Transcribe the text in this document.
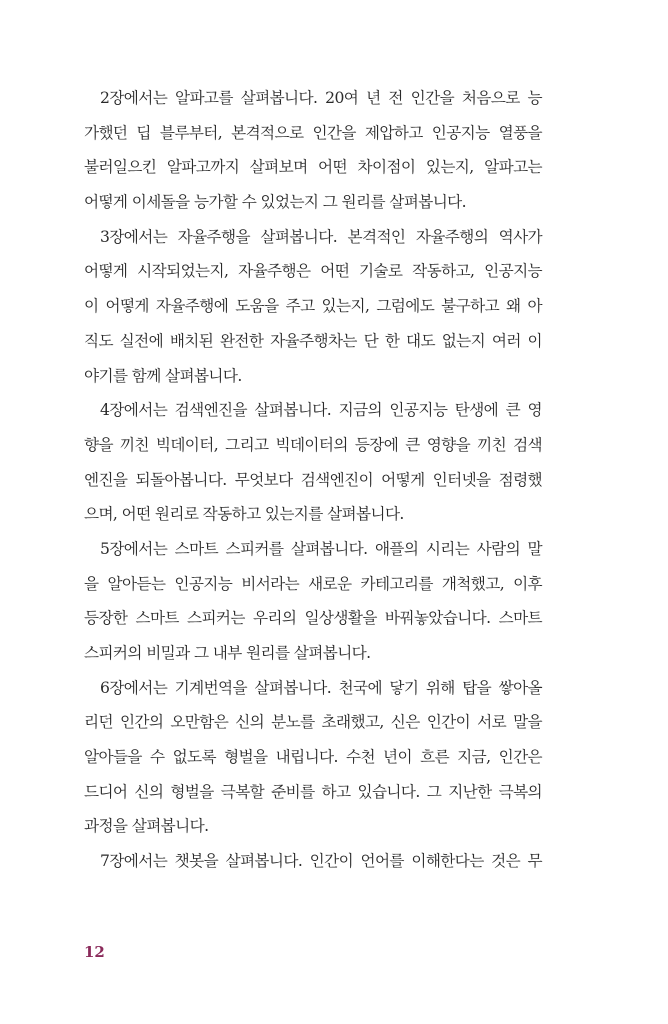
2장에서는 알파고를 살펴봅니다. 20여 년 전 인간을 처음으로 능
가했던 딥 블루부터, 본격적으로 인간을 제압하고 인공지능 열풍을
불러일으킨 알파고까지 살펴보며 어떤 차이점이 있는지, 알파고는
어떻게 이세돌을 능가할 수 있었는지 그 원리를 살펴봅니다.
3장에서는 자율주행을 살펴봅니다. 본격적인 자율주행의 역사가
어떻게 시작되었는지, 자율주행은 어떤 기술로 작동하고, 인공지능
이 어떻게 자율주행에 도움을 주고 있는지, 그럼에도 불구하고 왜 아
직도 실전에 배치된 완전한 자율주행차는 단 한 대도 없는지 여러 이
야기를 함께 살펴봅니다.
4장에서는 검색엔진을 살펴봅니다. 지금의 인공지능 탄생에 큰 영
향을 끼친 빅데이터, 그리고 빅데이터의 등장에 큰 영향을 끼친 검색
엔진을 되돌아봅니다. 무엇보다 검색엔진이 어떻게 인터넷을 점령했
으며, 어떤 원리로 작동하고 있는지를 살펴봅니다.
5장에서는 스마트 스피커를 살펴봅니다. 애플의 시리는 사람의 말
을 알아듣는 인공지능 비서라는 새로운 카테고리를 개척했고, 이후
등장한 스마트 스피커는 우리의 일상생활을 바꿔놓았습니다. 스마트
스피커의 비밀과 그 내부 원리를 살펴봅니다.
6장에서는 기계번역을 살펴봅니다. 천국에 닿기 위해 탑을 쌓아올
리던 인간의 오만함은 신의 분노를 초래했고, 신은 인간이 서로 말을
알아들을 수 없도록 형벌을 내립니다. 수천 년이 흐른 지금, 인간은
드디어 신의 형벌을 극복할 준비를 하고 있습니다. 그 지난한 극복의
과정을 살펴봅니다.
7장에서는 챗봇을 살펴봅니다. 인간이 언어를 이해한다는 것은 무
12
